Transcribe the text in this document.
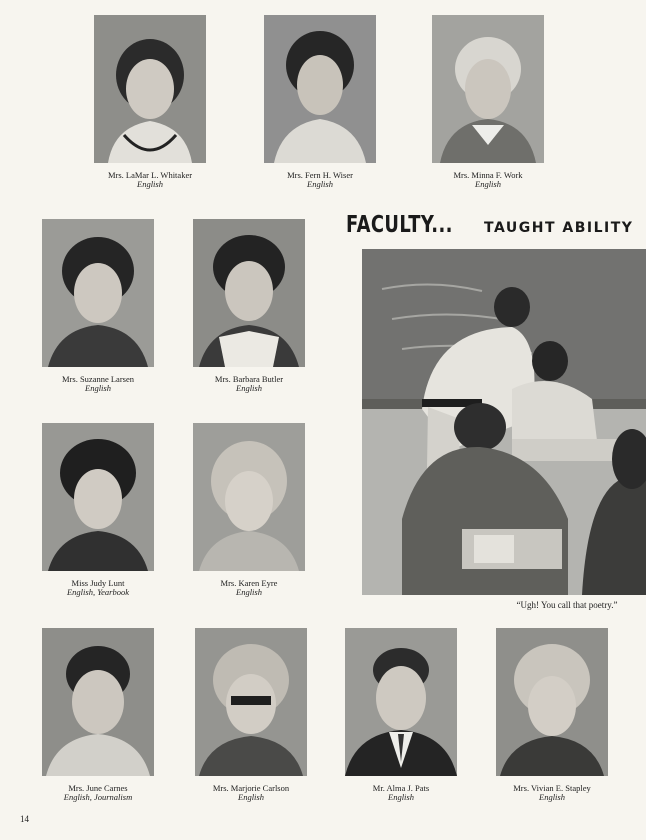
Mrs. LaMar L. Whitaker
English
Mrs. Fern H. Wiser
English
Mrs. Minna F. Work
English
FACULTY... TAUGHT ABILITY
Mrs. Suzanne Larsen
English
Mrs. Barbara Butler
English
“Ugh! You call that poetry.”
Miss Judy Lunt
English, Yearbook
Mrs. Karen Eyre
English
Mrs. June Carnes
English, Journalism
Mrs. Marjorie Carlson
English
Mr. Alma J. Pats
English
Mrs. Vivian E. Stapley
English
14
